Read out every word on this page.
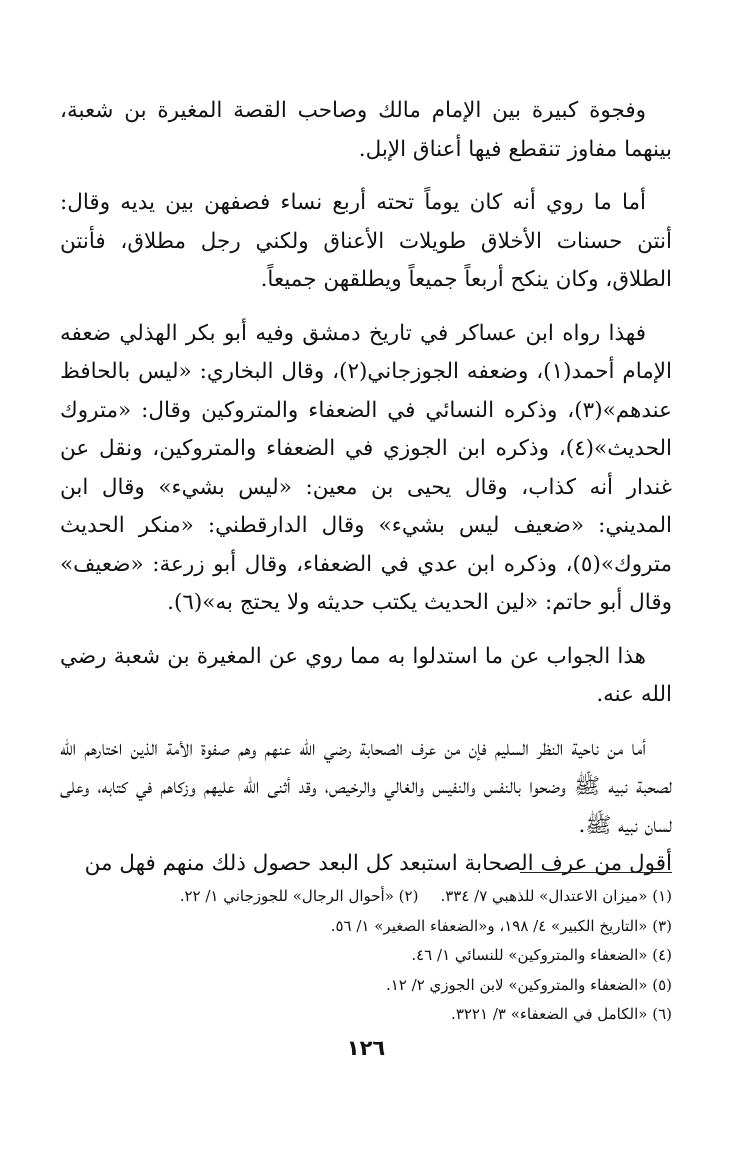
وفجوة كبيرة بين الإمام مالك وصاحب القصة المغيرة بن شعبة، بينهما مفاوز تنقطع فيها أعناق الإبل.

أما ما روي أنه كان يوماً تحته أربع نساء فصفهن بين يديه وقال: أنتن حسنات الأخلاق طويلات الأعناق ولكني رجل مطلاق، فأنتن الطلاق، وكان ينكح أربعاً جميعاً ويطلقهن جميعاً.

فهذا رواه ابن عساكر في تاريخ دمشق وفيه أبو بكر الهذلي ضعفه الإمام أحمد(١)، وضعفه الجوزجاني(٢)، وقال البخاري: «ليس بالحافظ عندهم»(٣)، وذكره النسائي في الضعفاء والمتروكين وقال: «متروك الحديث»(٤)، وذكره ابن الجوزي في الضعفاء والمتروكين، ونقل عن غندار أنه كذاب، وقال يحيى بن معين: «ليس بشيء» وقال ابن المديني: «ضعيف ليس بشيء» وقال الدارقطني: «منكر الحديث متروك»(٥)، وذكره ابن عدي في الضعفاء، وقال أبو زرعة: «ضعيف» وقال أبو حاتم: «لين الحديث يكتب حديثه ولا يحتج به»(٦).

هذا الجواب عن ما استدلوا به مما روي عن المغيرة بن شعبة رضي الله عنه.

أما من ناحية النظر السليم فإن من عرف الصحابة رضي الله عنهم وهم صفوة الأمة الذين اختارهم الله لصحبة نبيه ﷺ وضحوا بالنفس والنفيس والغالي والرخيص، وقد أثنى الله عليهم وزكاهم في كتابه، وعلى لسان نبيه ﷺ.

أقول من عرف الصحابة استبعد كل البعد حصول ذلك منهم فهل من

(١) «ميزان الاعتدال» للذهبي ٧/ ٣٣٤.
(٢) «أحوال الرجال» للجوزجاني ١/ ٢٢.
(٣) «التاريخ الكبير» ٤/ ١٩٨، و«الضعفاء الصغير» ١/ ٥٦.
(٤) «الضعفاء والمتروكين» للنسائي ١/ ٤٦.
(٥) «الضعفاء والمتروكين» لابن الجوزي ٢/ ١٢.
(٦) «الكامل في الضعفاء» ٣/ ٣٢٢١.
١٢٦
